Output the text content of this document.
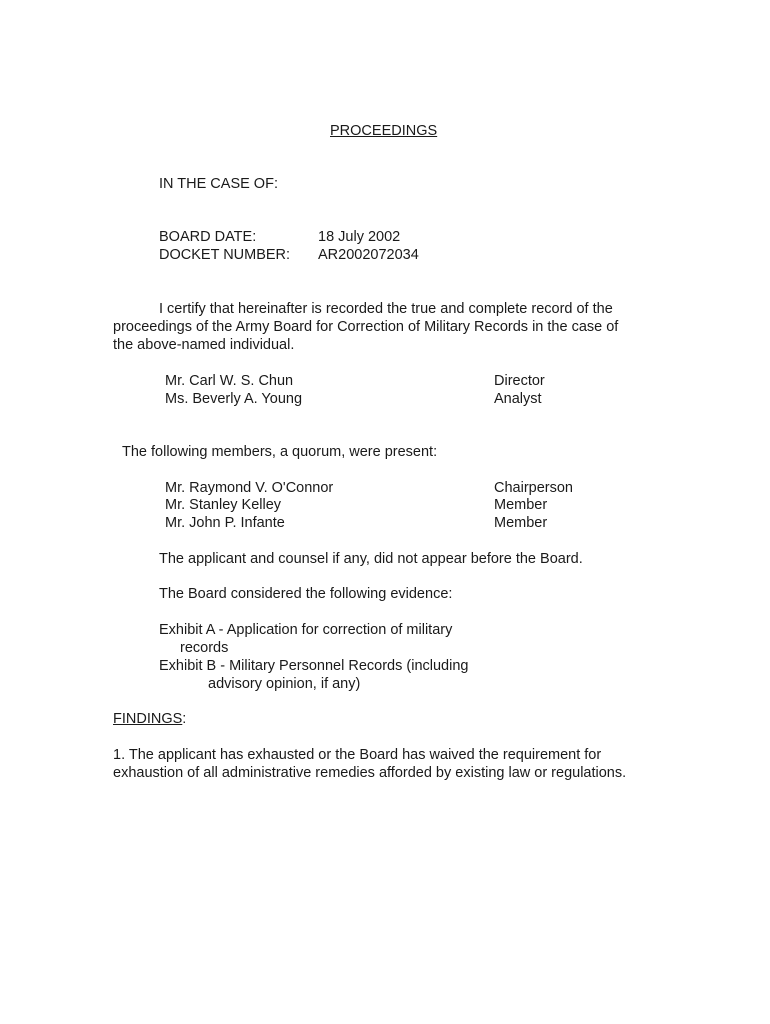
PROCEEDINGS
IN THE CASE OF:
BOARD DATE:	18 July 2002
DOCKET NUMBER: AR2002072034
I certify that hereinafter is recorded the true and complete record of the
proceedings of the Army Board for Correction of Military Records in the case of
the above-named individual.
Mr. Carl W. S. Chun	Director
Ms. Beverly A. Young	Analyst
The following members, a quorum, were present:
Mr. Raymond V. O'Connor	Chairperson
Mr. Stanley Kelley	Member
Mr. John P. Infante	Member
The applicant and counsel if any, did not appear before the Board.
The Board considered the following evidence:
Exhibit A - Application for correction of military
records
Exhibit B - Military Personnel Records (including
advisory opinion, if any)
FINDINGS:
1. The applicant has exhausted or the Board has waived the requirement for
exhaustion of all administrative remedies afforded by existing law or regulations.
